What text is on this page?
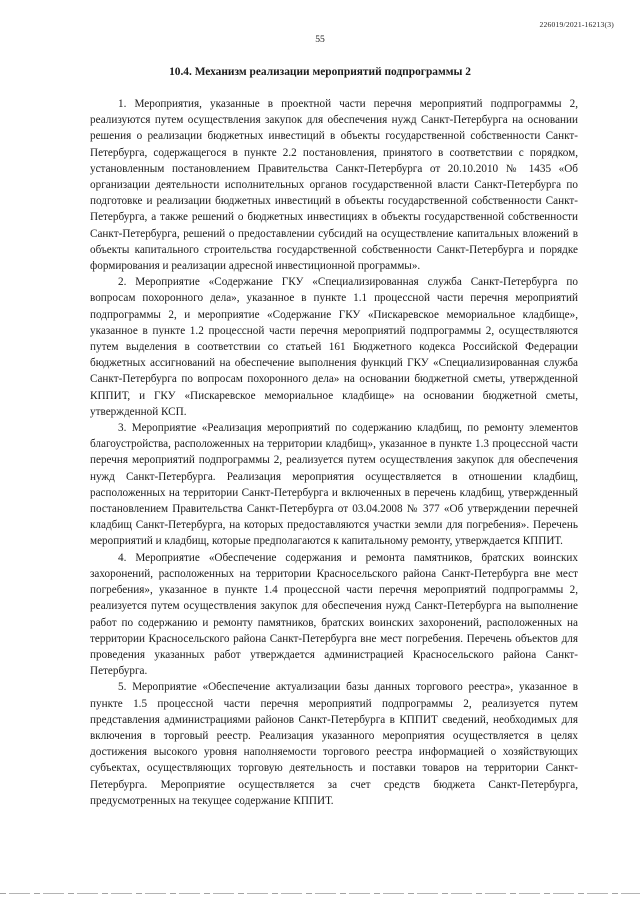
226019/2021-16213(3)
55
10.4. Механизм реализации мероприятий подпрограммы 2

1. Мероприятия, указанные в проектной части перечня мероприятий подпрограммы 2, реализуются путем осуществления закупок для обеспечения нужд Санкт-Петербурга на основании решения о реализации бюджетных инвестиций в объекты государственной собственности Санкт-Петербурга, содержащегося в пункте 2.2 постановления, принятого в соответствии с порядком, установленным постановлением Правительства Санкт-Петербурга от 20.10.2010 № 1435 «Об организации деятельности исполнительных органов государственной власти Санкт-Петербурга по подготовке и реализации бюджетных инвестиций в объекты государственной собственности Санкт-Петербурга, а также решений о бюджетных инвестициях в объекты государственной собственности Санкт-Петербурга, решений о предоставлении субсидий на осуществление капитальных вложений в объекты капитального строительства государственной собственности Санкт-Петербурга и порядке формирования и реализации адресной инвестиционной программы».

2. Мероприятие «Содержание ГКУ «Специализированная служба Санкт-Петербурга по вопросам похоронного дела», указанное в пункте 1.1 процессной части перечня мероприятий подпрограммы 2, и мероприятие «Содержание ГКУ «Пискаревское мемориальное кладбище», указанное в пункте 1.2 процессной части перечня мероприятий подпрограммы 2, осуществляются путем выделения в соответствии со статьей 161 Бюджетного кодекса Российской Федерации бюджетных ассигнований на обеспечение выполнения функций ГКУ «Специализированная служба Санкт-Петербурга по вопросам похоронного дела» на основании бюджетной сметы, утвержденной КППИТ, и ГКУ «Пискаревское мемориальное кладбище» на основании бюджетной сметы, утвержденной КСП.

3. Мероприятие «Реализация мероприятий по содержанию кладбищ, по ремонту элементов благоустройства, расположенных на территории кладбищ», указанное в пункте 1.3 процессной части перечня мероприятий подпрограммы 2, реализуется путем осуществления закупок для обеспечения нужд Санкт-Петербурга. Реализация мероприятия осуществляется в отношении кладбищ, расположенных на территории Санкт-Петербурга и включенных в перечень кладбищ, утвержденный постановлением Правительства Санкт-Петербурга от 03.04.2008 № 377 «Об утверждении перечней кладбищ Санкт-Петербурга, на которых предоставляются участки земли для погребения». Перечень мероприятий и кладбищ, которые предполагаются к капитальному ремонту, утверждается КППИТ.

4. Мероприятие «Обеспечение содержания и ремонта памятников, братских воинских захоронений, расположенных на территории Красносельского района Санкт-Петербурга вне мест погребения», указанное в пункте 1.4 процессной части перечня мероприятий подпрограммы 2, реализуется путем осуществления закупок для обеспечения нужд Санкт-Петербурга на выполнение работ по содержанию и ремонту памятников, братских воинских захоронений, расположенных на территории Красносельского района Санкт-Петербурга вне мест погребения. Перечень объектов для проведения указанных работ утверждается администрацией Красносельского района Санкт-Петербурга.

5. Мероприятие «Обеспечение актуализации базы данных торгового реестра», указанное в пункте 1.5 процессной части перечня мероприятий подпрограммы 2, реализуется путем представления администрациями районов Санкт-Петербурга в КППИТ сведений, необходимых для включения в торговый реестр. Реализация указанного мероприятия осуществляется в целях достижения высокого уровня наполняемости торгового реестра информацией о хозяйствующих субъектах, осуществляющих торговую деятельность и поставки товаров на территории Санкт-Петербурга. Мероприятие осуществляется за счет средств бюджета Санкт-Петербурга, предусмотренных на текущее содержание КППИТ.
